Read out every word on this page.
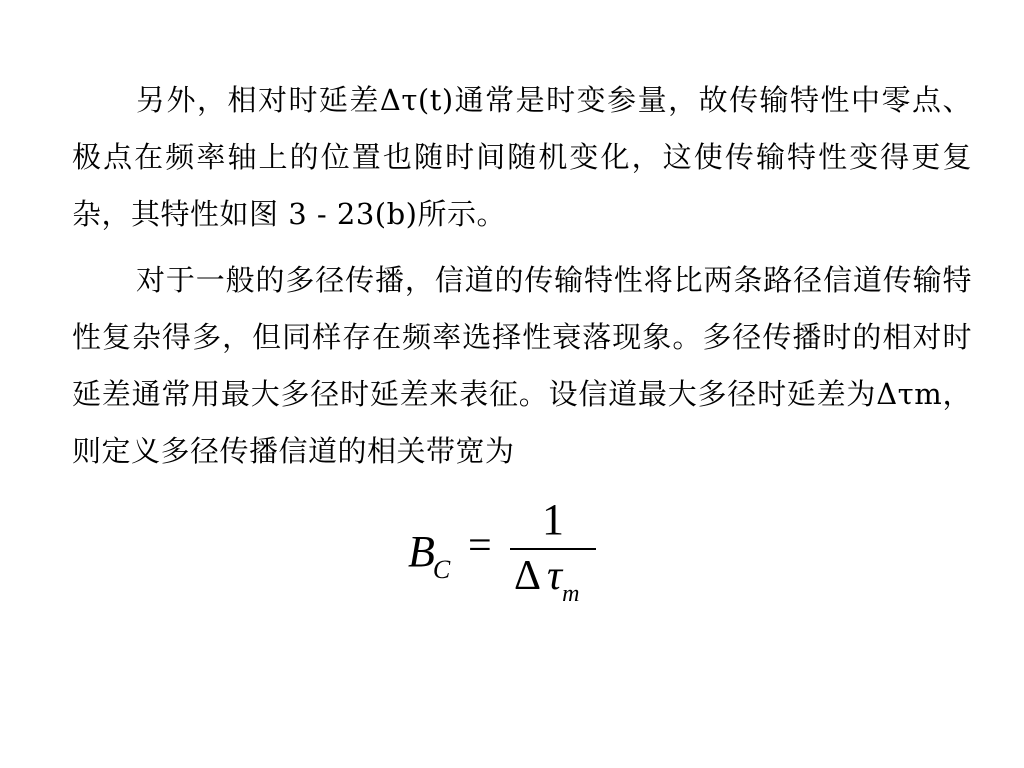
另外，相对时延差Δτ(t)通常是时变参量，故传输特性中零点、极点在频率轴上的位置也随时间随机变化，这使传输特性变得更复杂，其特性如图 3 - 23(b)所示。

对于一般的多径传播，信道的传输特性将比两条路径信道传输特性复杂得多，但同样存在频率选择性衰落现象。多径传播时的相对时延差通常用最大多径时延差来表征。设信道最大多径时延差为Δτm，则定义多径传播信道的相关带宽为

$B_C$
=
1
Δ $\tau_m$
